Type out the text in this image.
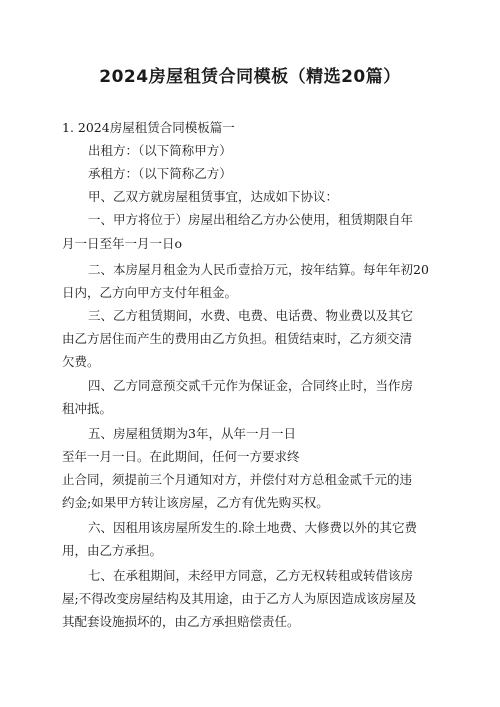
2024房屋租赁合同模板（精选20篇）
1. 2024房屋租赁合同模板篇一
出租方：（以下简称甲方）
承租方：（以下简称乙方）
甲、乙双方就房屋租赁事宜，达成如下协议：
一、甲方将位于）房屋出租给乙方办公使用，租赁期限自年
月一日至年一月一日o
二、本房屋月租金为人民币壹拾万元，按年结算。每年年初20
日内，乙方向甲方支付年租金。
三、乙方租赁期间，水费、电费、电话费、物业费以及其它
由乙方居住而产生的费用由乙方负担。租赁结束时，乙方须交清
欠费。
四、乙方同意预交贰千元作为保证金，合同终止时，当作房
租冲抵。
五、房屋租赁期为3年，从年一月一日
至年一月一日。在此期间，任何一方要求终
止合同，须提前三个月通知对方，并偿付对方总租金贰千元的违
约金;如果甲方转让该房屋，乙方有优先购买权。
六、因租用该房屋所发生的.除土地费、大修费以外的其它费
用，由乙方承担。
七、在承租期间，未经甲方同意，乙方无权转租或转借该房
屋;不得改变房屋结构及其用途，由于乙方人为原因造成该房屋及
其配套设施损坏的，由乙方承担赔偿责任。
